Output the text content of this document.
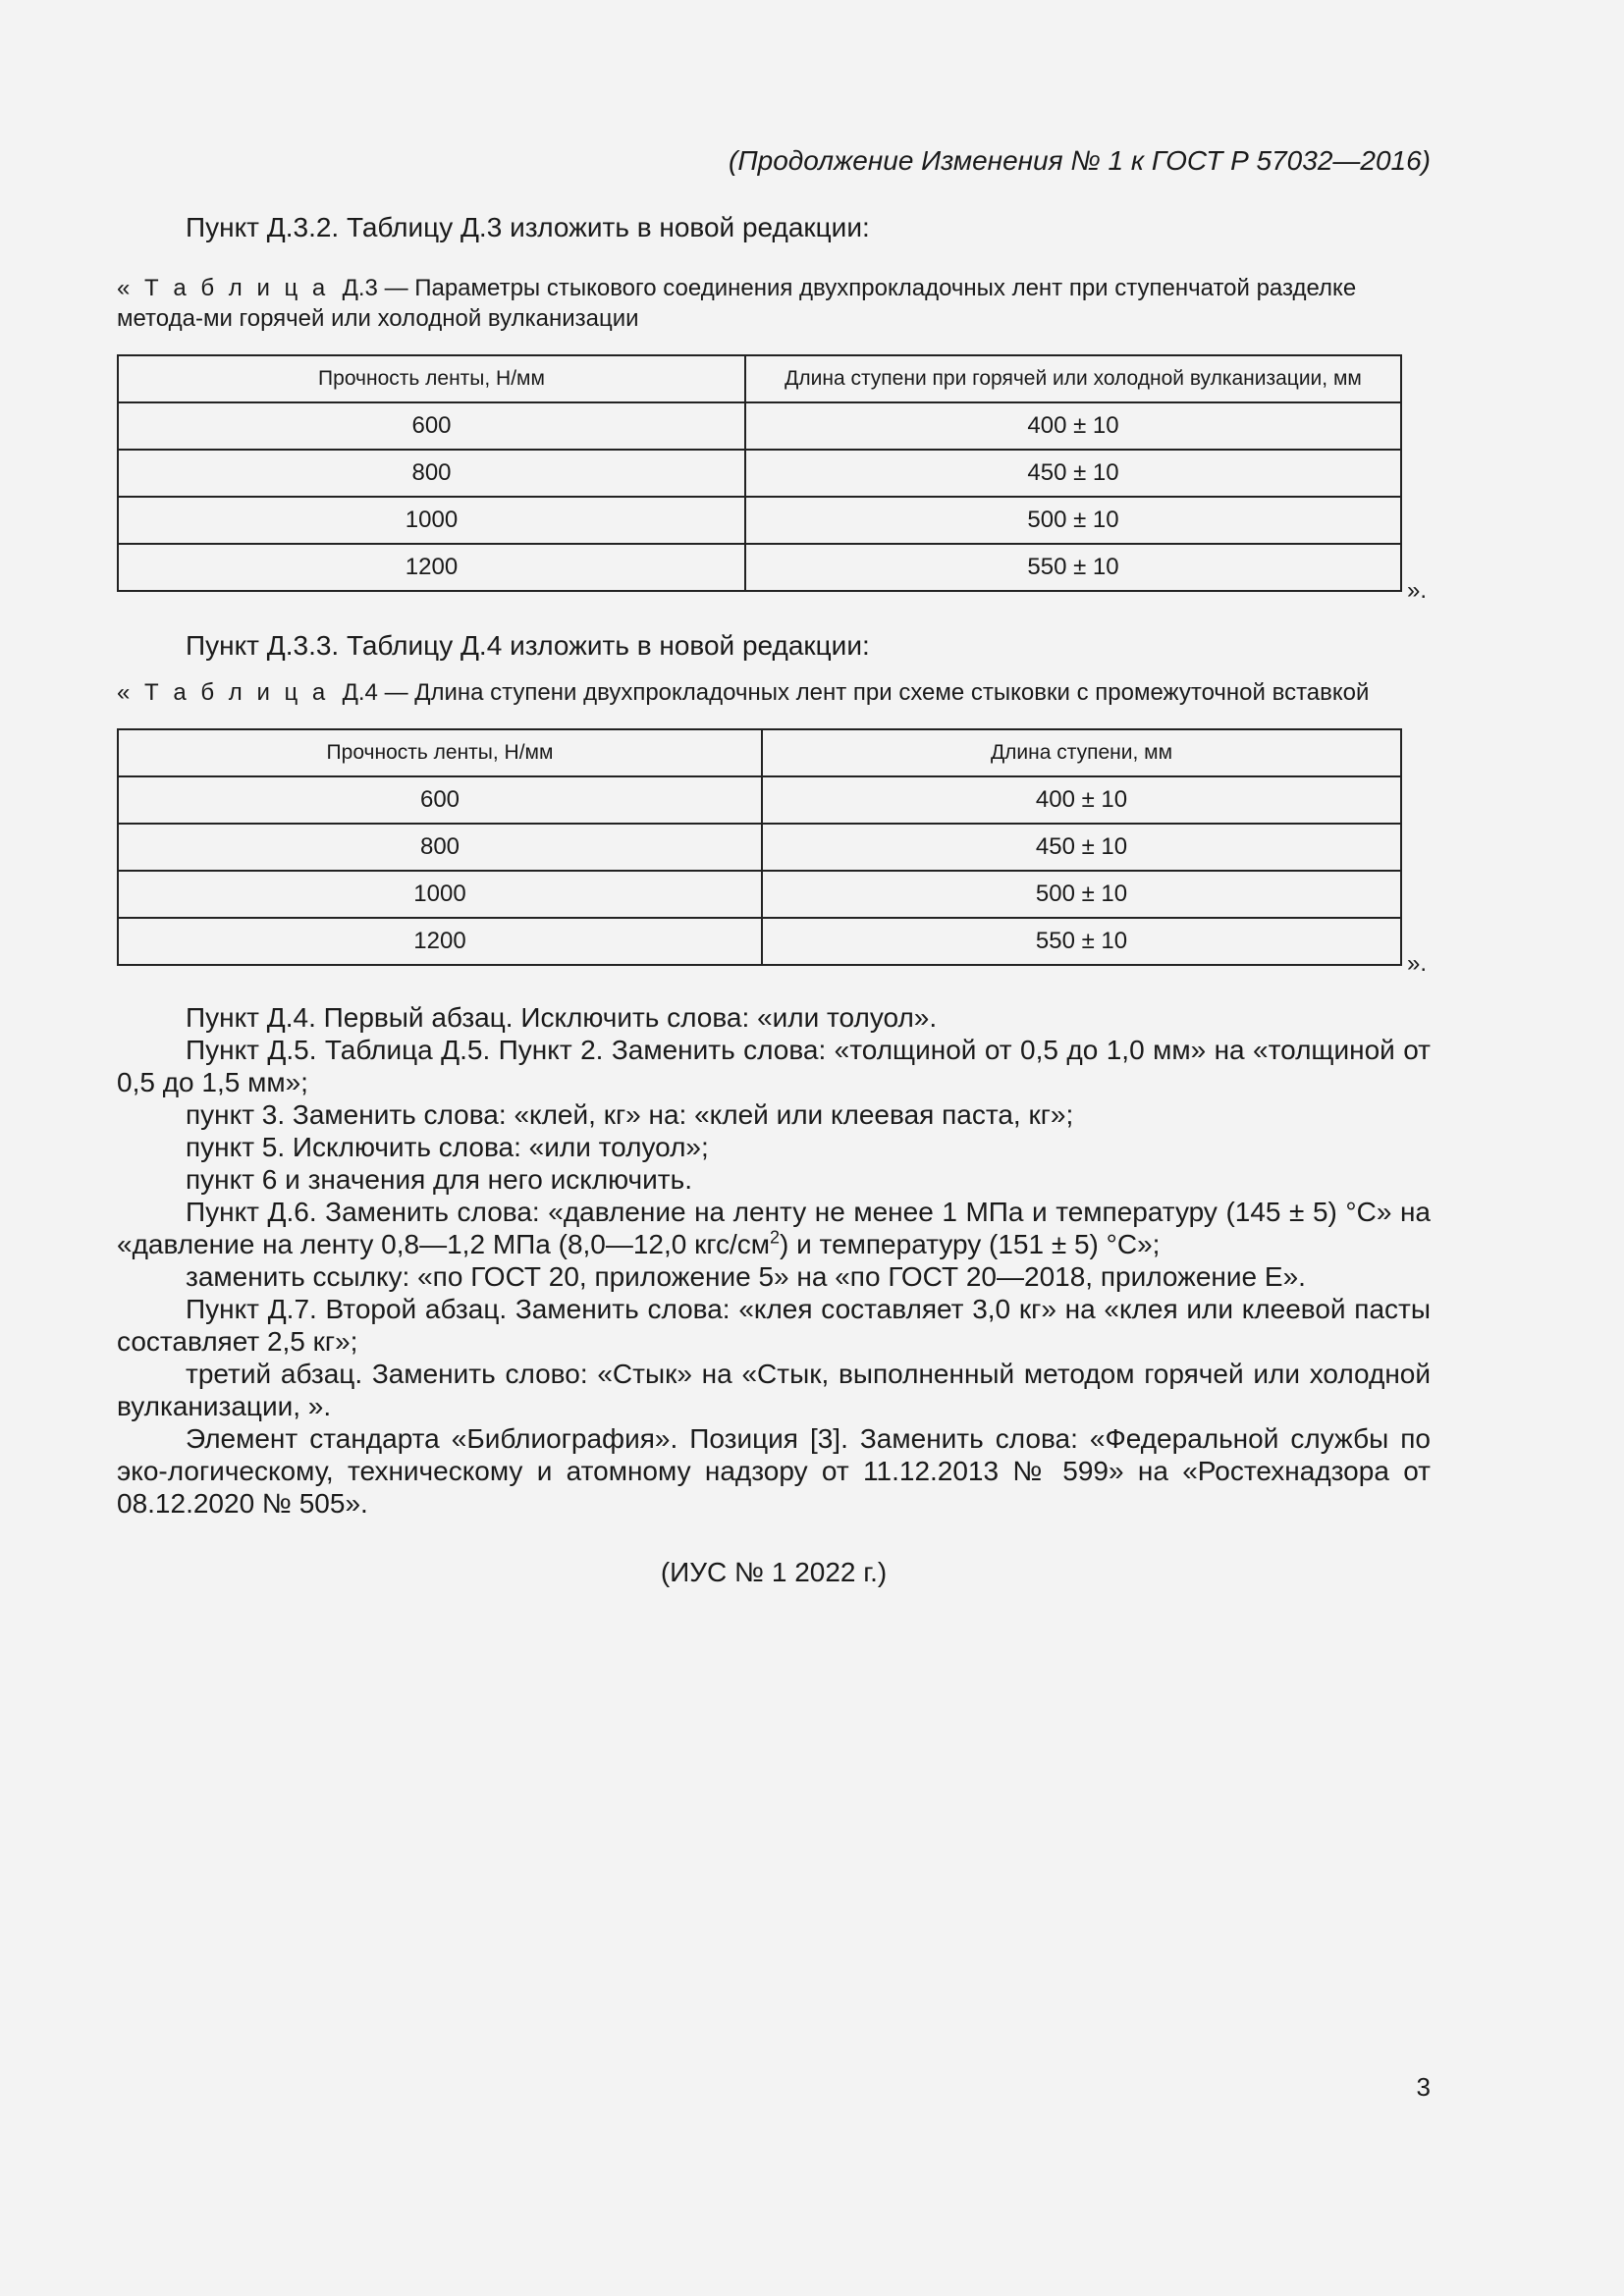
(Продолжение Изменения № 1 к ГОСТ Р 57032—2016)
Пункт Д.3.2. Таблицу Д.3 изложить в новой редакции:
« Т а б л и ц а Д.3 — Параметры стыкового соединения двухпрокладочных лент при ступенчатой разделке метода-ми горячей или холодной вулканизации
Прочность ленты, Н/мм	Длина ступени при горячей или холодной вулканизации, мм
600	400 ± 10
800	450 ± 10
1000	500 ± 10
1200	550 ± 10
».
Пункт Д.3.3. Таблицу Д.4 изложить в новой редакции:
« Т а б л и ц а Д.4 — Длина ступени двухпрокладочных лент при схеме стыковки с промежуточной вставкой
Прочность ленты, Н/мм	Длина ступени, мм
600	400 ± 10
800	450 ± 10
1000	500 ± 10
1200	550 ± 10
».
Пункт Д.4. Первый абзац. Исключить слова: «или толуол».
Пункт Д.5. Таблица Д.5. Пункт 2. Заменить слова: «толщиной от 0,5 до 1,0 мм» на «толщиной от 0,5 до 1,5 мм»;
пункт 3. Заменить слова: «клей, кг» на: «клей или клеевая паста, кг»;
пункт 5. Исключить слова: «или толуол»;
пункт 6 и значения для него исключить.
Пункт Д.6. Заменить слова: «давление на ленту не менее 1 МПа и температуру (145 ± 5) °С» на «давление на ленту 0,8—1,2 МПа (8,0—12,0 кгс/$см^2$) и температуру (151 ± 5) °С»;
заменить ссылку: «по ГОСТ 20, приложение 5» на «по ГОСТ 20—2018, приложение Е».
Пункт Д.7. Второй абзац. Заменить слова: «клея составляет 3,0 кг» на «клея или клеевой пасты составляет 2,5 кг»;
третий абзац. Заменить слово: «Стык» на «Стык, выполненный методом горячей или холодной вулканизации, ».
Элемент стандарта «Библиография». Позиция [3]. Заменить слова: «Федеральной службы по эко-логическому, техническому и атомному надзору от 11.12.2013 № 599» на «Ростехнадзора от 08.12.2020 № 505».
(ИУС № 1 2022 г.)
3
